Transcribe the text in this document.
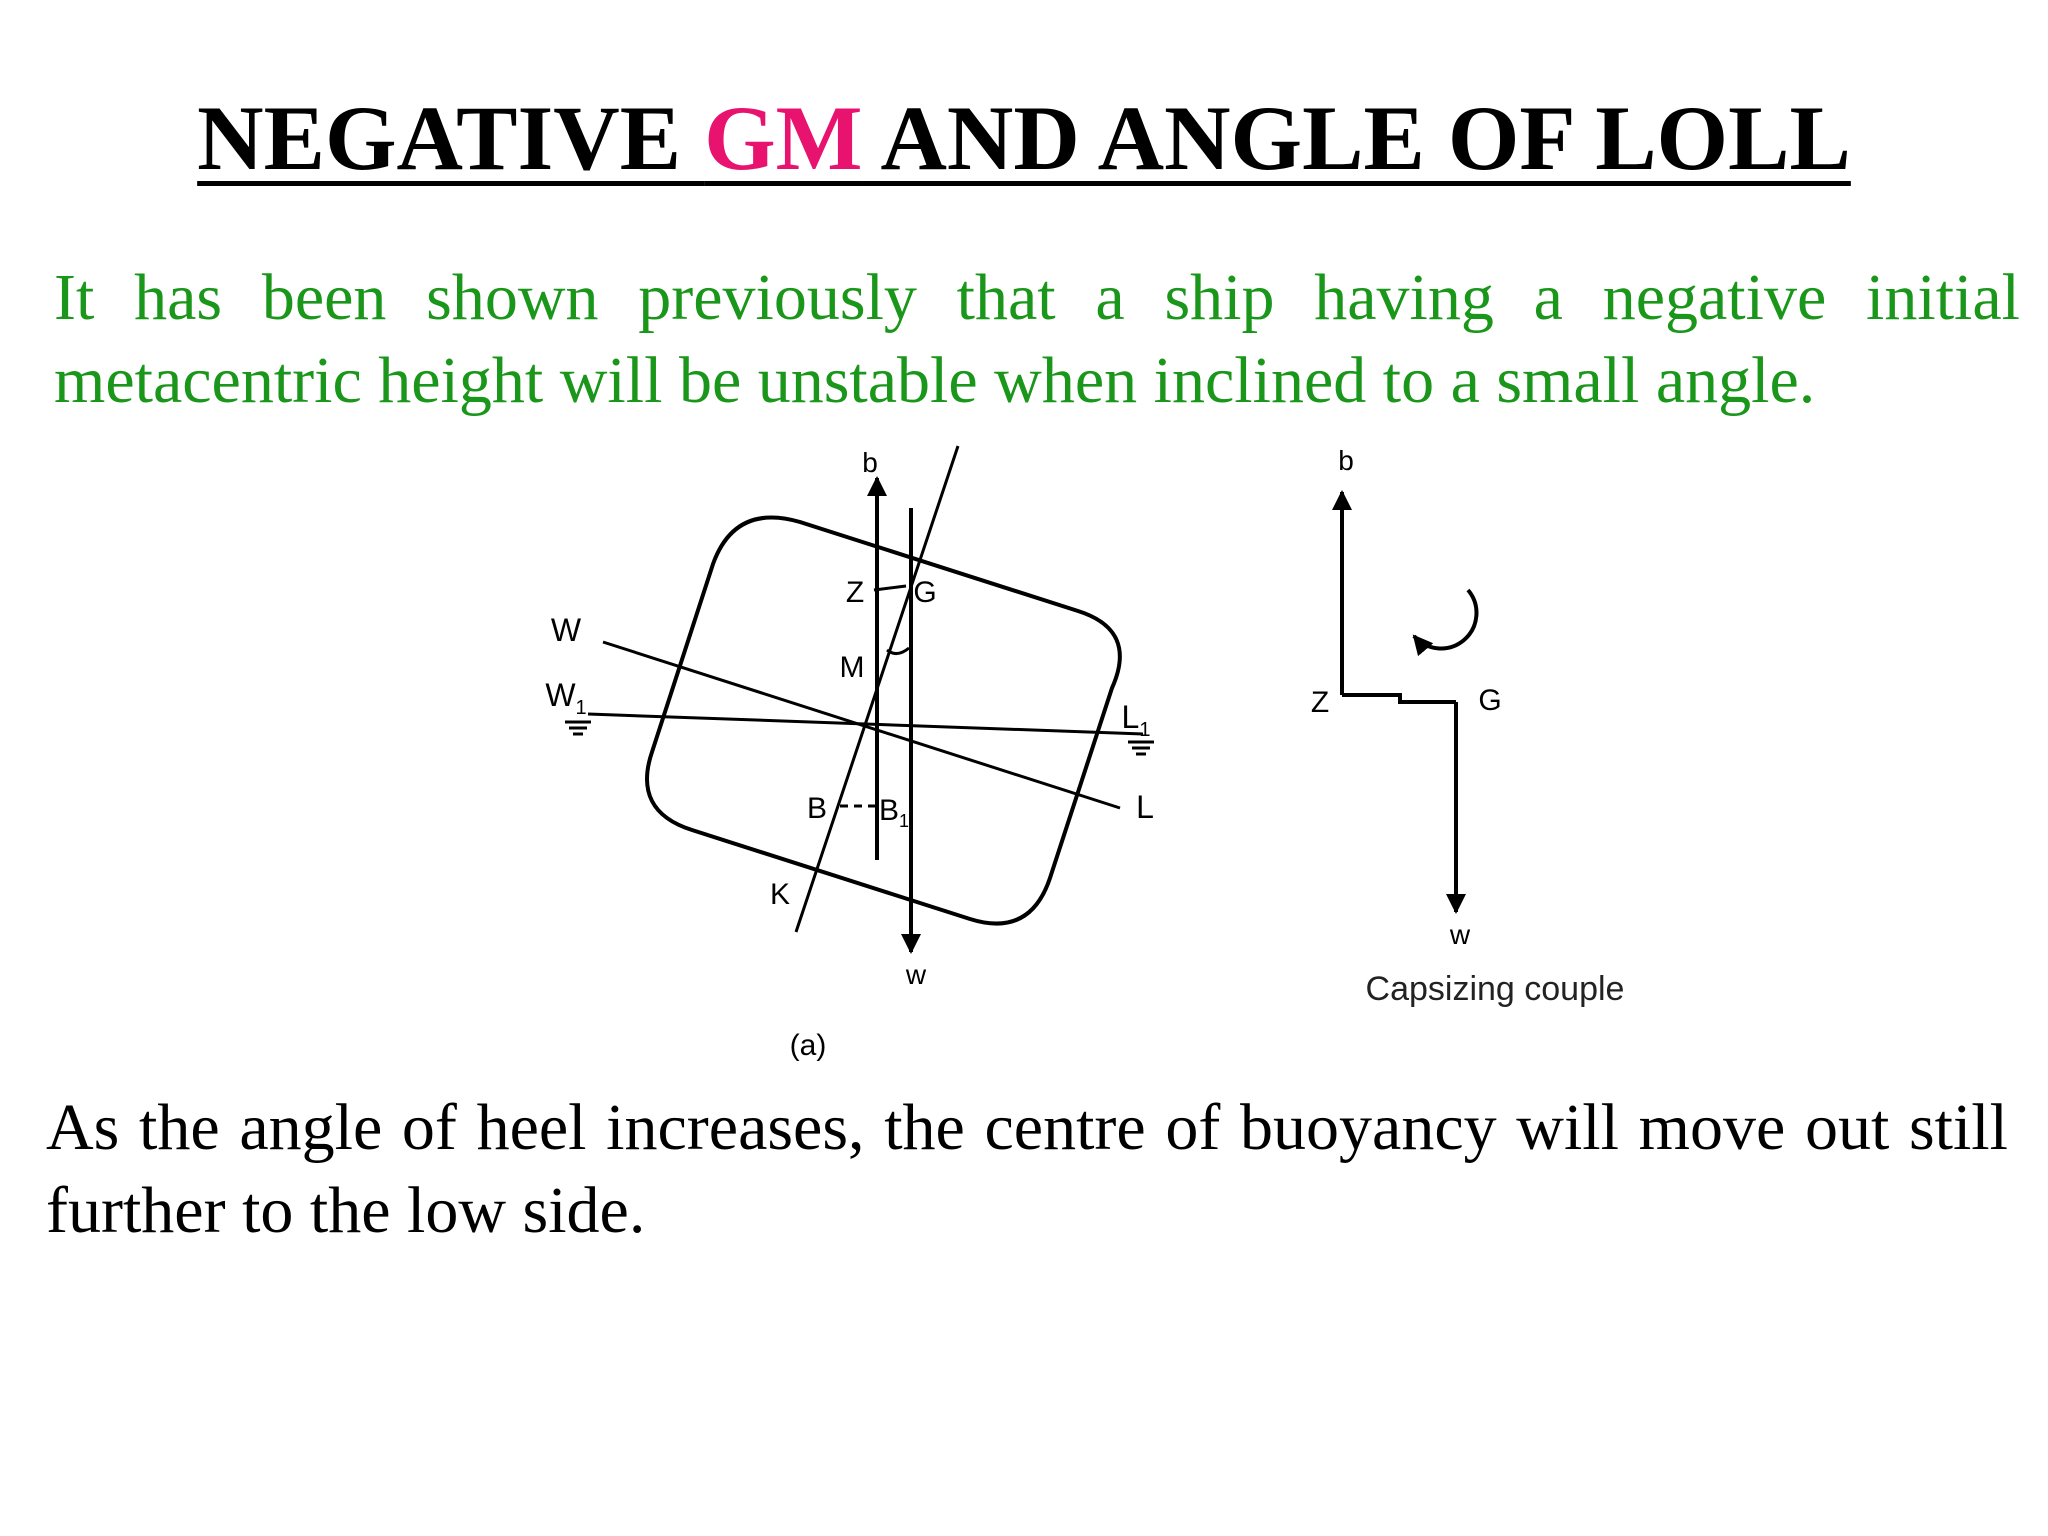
NEGATIVE GM AND ANGLE OF LOLL

It has been shown previously that a ship having a negative initial metacentric height will be unstable when inclined to a small angle.

b
Z G
M
W
$W_1$	$L_1$
L
B $B_1$
K
w
(a)
b
Z	G
w
Capsizing couple

As the angle of heel increases, the centre of buoyancy will move out still further to the low side.
